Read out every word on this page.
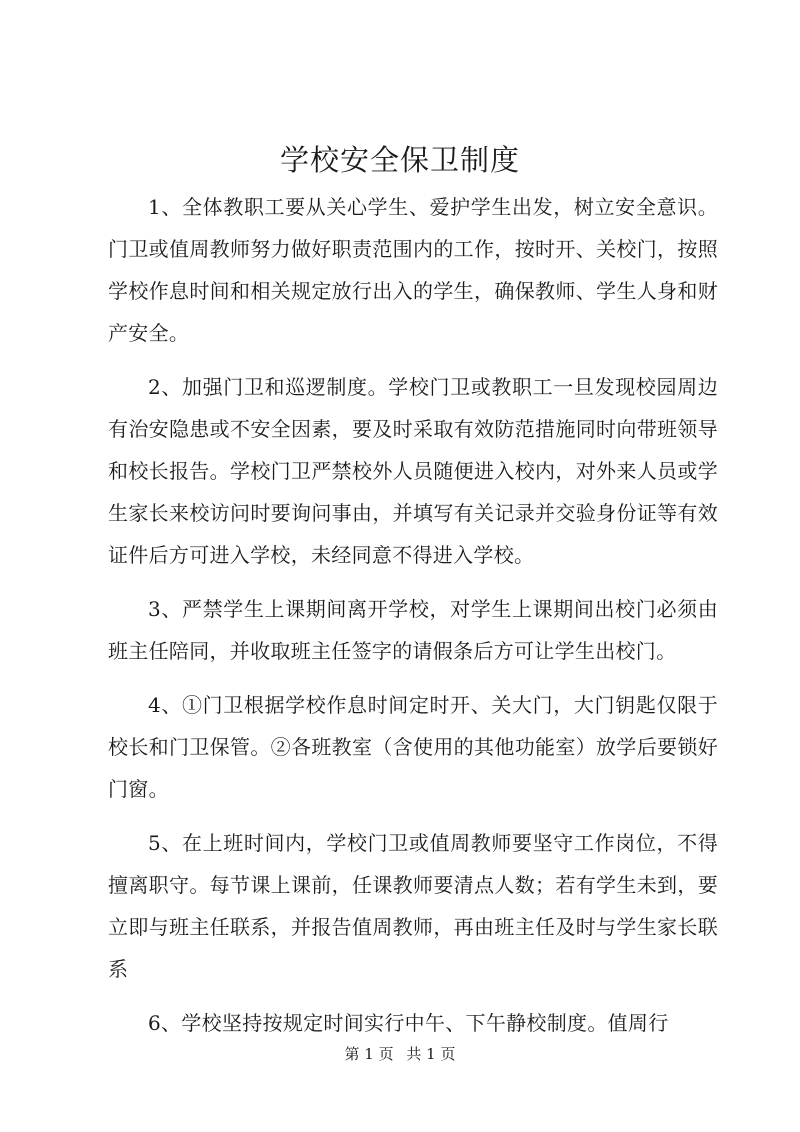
学校安全保卫制度

1、全体教职工要从关心学生、爱护学生出发，树立安全意识。门卫或值周教师努力做好职责范围内的工作，按时开、关校门，按照学校作息时间和相关规定放行出入的学生，确保教师、学生人身和财产安全。

2、加强门卫和巡逻制度。学校门卫或教职工一旦发现校园周边有治安隐患或不安全因素，要及时采取有效防范措施同时向带班领导和校长报告。学校门卫严禁校外人员随便进入校内，对外来人员或学生家长来校访问时要询问事由，并填写有关记录并交验身份证等有效证件后方可进入学校，未经同意不得进入学校。

3、严禁学生上课期间离开学校，对学生上课期间出校门必须由班主任陪同，并收取班主任签字的请假条后方可让学生出校门。

4、①门卫根据学校作息时间定时开、关大门，大门钥匙仅限于校长和门卫保管。②各班教室（含使用的其他功能室）放学后要锁好门窗。

5、在上班时间内，学校门卫或值周教师要坚守工作岗位，不得擅离职守。每节课上课前，任课教师要清点人数；若有学生未到，要立即与班主任联系，并报告值周教师，再由班主任及时与学生家长联系

6、学校坚持按规定时间实行中午、下午静校制度。值周行

第 1 页 共 1 页
